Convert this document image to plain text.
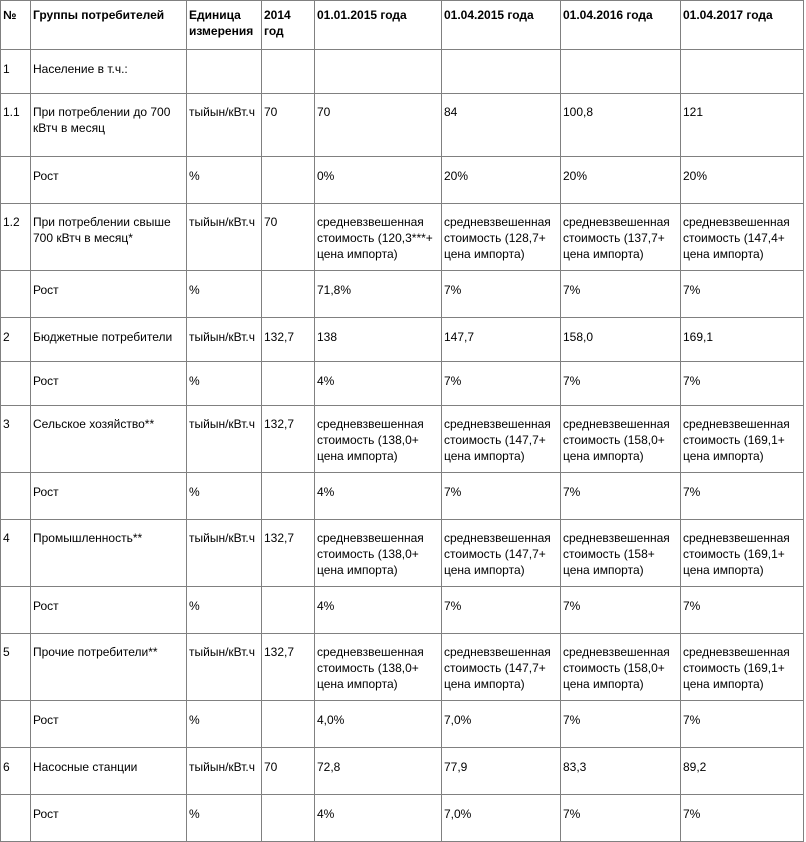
№	Группы потребителей	Единица измерения	2014 год	01.01.2015 года	01.04.2015 года	01.04.2016 года	01.04.2017 года
1	Население в т.ч.:						
1.1	При потреблении до 700 кВтч в месяц	тыйын/кВт.ч	70	70	84	100,8	121
	Рост	%		0%	20%	20%	20%
1.2	При потреблении свыше 700 кВтч в месяц*	тыйын/кВт.ч	70	средневзвешенная стоимость (120,3***+ цена импорта)	средневзвешенная стоимость (128,7+ цена импорта)	средневзвешенная стоимость (137,7+ цена импорта)	средневзвешенная стоимость (147,4+ цена импорта)
	Рост	%		71,8%	7%	7%	7%
2	Бюджетные потребители	тыйын/кВт.ч	132,7	138	147,7	158,0	169,1
	Рост	%		4%	7%	7%	7%
3	Сельское хозяйство**	тыйын/кВт.ч	132,7	средневзвешенная стоимость (138,0+ цена импорта)	средневзвешенная стоимость (147,7+ цена импорта)	средневзвешенная стоимость (158,0+ цена импорта)	средневзвешенная стоимость (169,1+ цена импорта)
	Рост	%		4%	7%	7%	7%
4	Промышленность**	тыйын/кВт.ч	132,7	средневзвешенная стоимость (138,0+ цена импорта)	средневзвешенная стоимость (147,7+ цена импорта)	средневзвешенная стоимость (158+ цена импорта)	средневзвешенная стоимость (169,1+ цена импорта)
	Рост	%		4%	7%	7%	7%
5	Прочие потребители**	тыйын/кВт.ч	132,7	средневзвешенная стоимость (138,0+ цена импорта)	средневзвешенная стоимость (147,7+ цена импорта)	средневзвешенная стоимость (158,0+ цена импорта)	средневзвешенная стоимость (169,1+ цена импорта)
	Рост	%		4,0%	7,0%	7%	7%
6	Насосные станции	тыйын/кВт.ч	70	72,8	77,9	83,3	89,2
	Рост	%		4%	7,0%	7%	7%
